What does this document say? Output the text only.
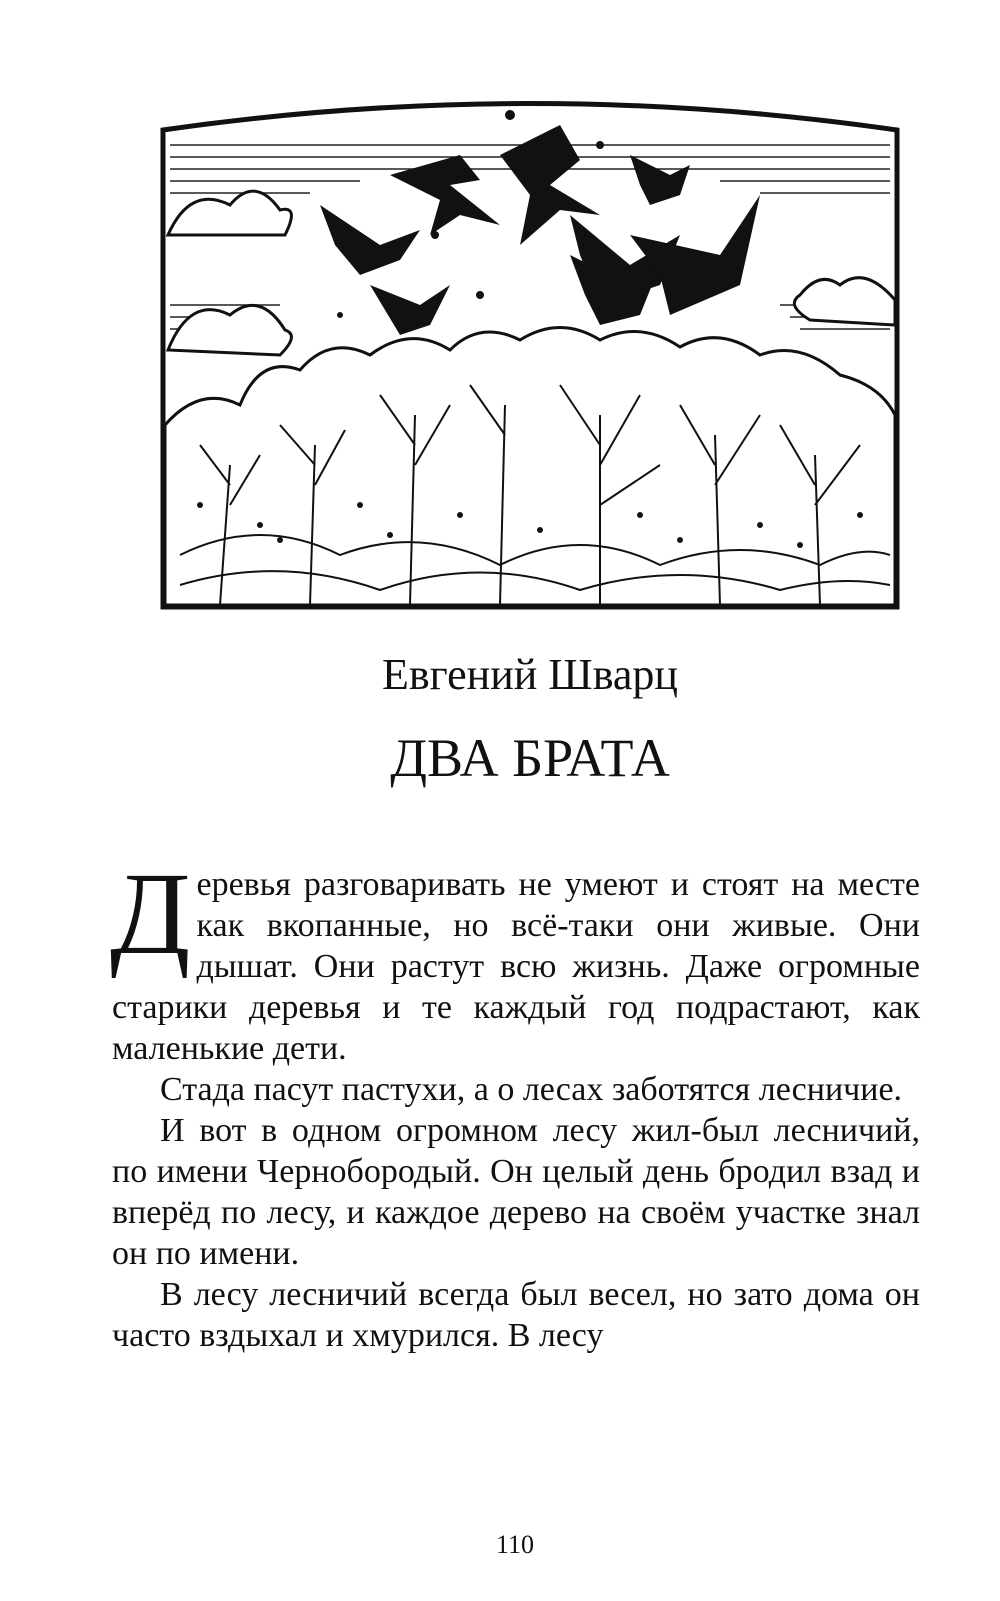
Евгений Шварц
ДВА БРАТА

Деревья разговаривать не умеют и стоят на месте как вкопанные, но всё-таки они живые. Они дышат. Они растут всю жизнь. Даже огромные старики деревья и те каждый год подрастают, как маленькие дети.

Стада пасут пастухи, а о лесах заботятся лесничие.

И вот в одном огромном лесу жил-был лесничий, по имени Чернобородый. Он целый день бродил взад и вперёд по лесу, и каждое дерево на своём участке знал он по имени.

В лесу лесничий всегда был весел, но зато дома он часто вздыхал и хмурился. В лесу

110
